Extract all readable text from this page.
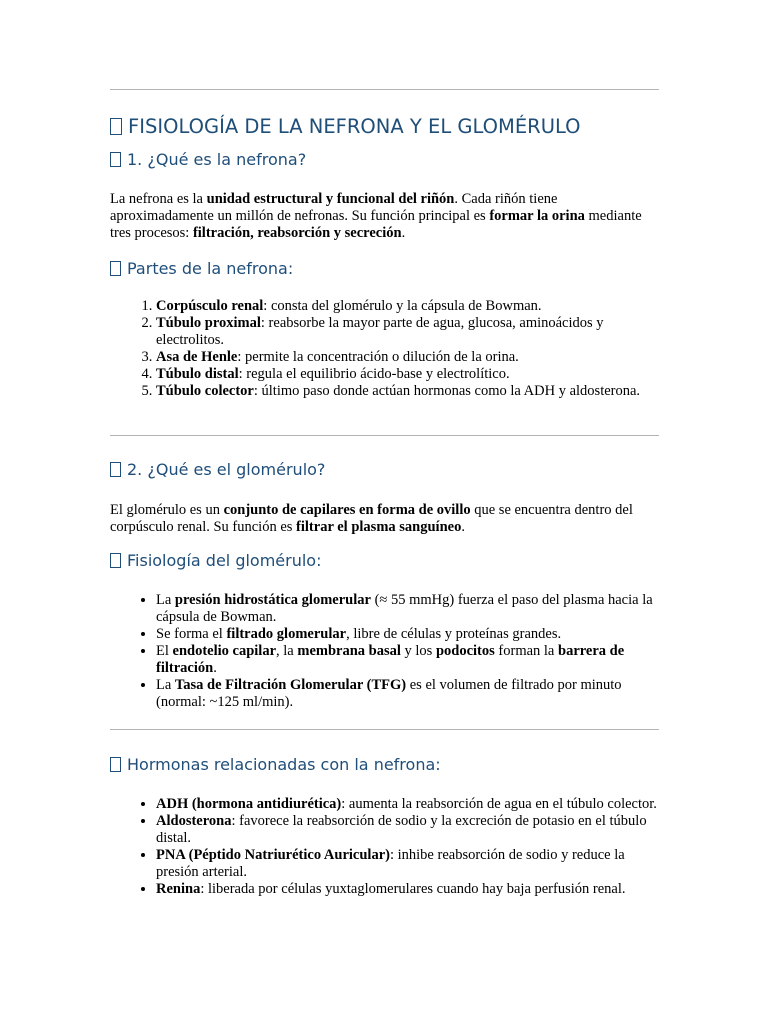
FISIOLOGÍA DE LA NEFRONA Y EL GLOMÉRULO
1. ¿Qué es la nefrona?
La nefrona es la unidad estructural y funcional del riñón. Cada riñón tiene aproximadamente un millón de nefronas. Su función principal es formar la orina mediante tres procesos: filtración, reabsorción y secreción.
Partes de la nefrona:
1. Corpúsculo renal: consta del glomérulo y la cápsula de Bowman.
2. Túbulo proximal: reabsorbe la mayor parte de agua, glucosa, aminoácidos y electrolitos.
3. Asa de Henle: permite la concentración o dilución de la orina.
4. Túbulo distal: regula el equilibrio ácido-base y electrolítico.
5. Túbulo colector: último paso donde actúan hormonas como la ADH y aldosterona.
2. ¿Qué es el glomérulo?
El glomérulo es un conjunto de capilares en forma de ovillo que se encuentra dentro del corpúsculo renal. Su función es filtrar el plasma sanguíneo.
Fisiología del glomérulo:
• La presión hidrostática glomerular (≈ 55 mmHg) fuerza el paso del plasma hacia la cápsula de Bowman.
• Se forma el filtrado glomerular, libre de células y proteínas grandes.
• El endotelio capilar, la membrana basal y los podocitos forman la barrera de filtración.
• La Tasa de Filtración Glomerular (TFG) es el volumen de filtrado por minuto (normal: ~125 ml/min).
Hormonas relacionadas con la nefrona:
• ADH (hormona antidiurética): aumenta la reabsorción de agua en el túbulo colector.
• Aldosterona: favorece la reabsorción de sodio y la excreción de potasio en el túbulo distal.
• PNA (Péptido Natriurético Auricular): inhibe reabsorción de sodio y reduce la presión arterial.
• Renina: liberada por células yuxtaglomerulares cuando hay baja perfusión renal.
